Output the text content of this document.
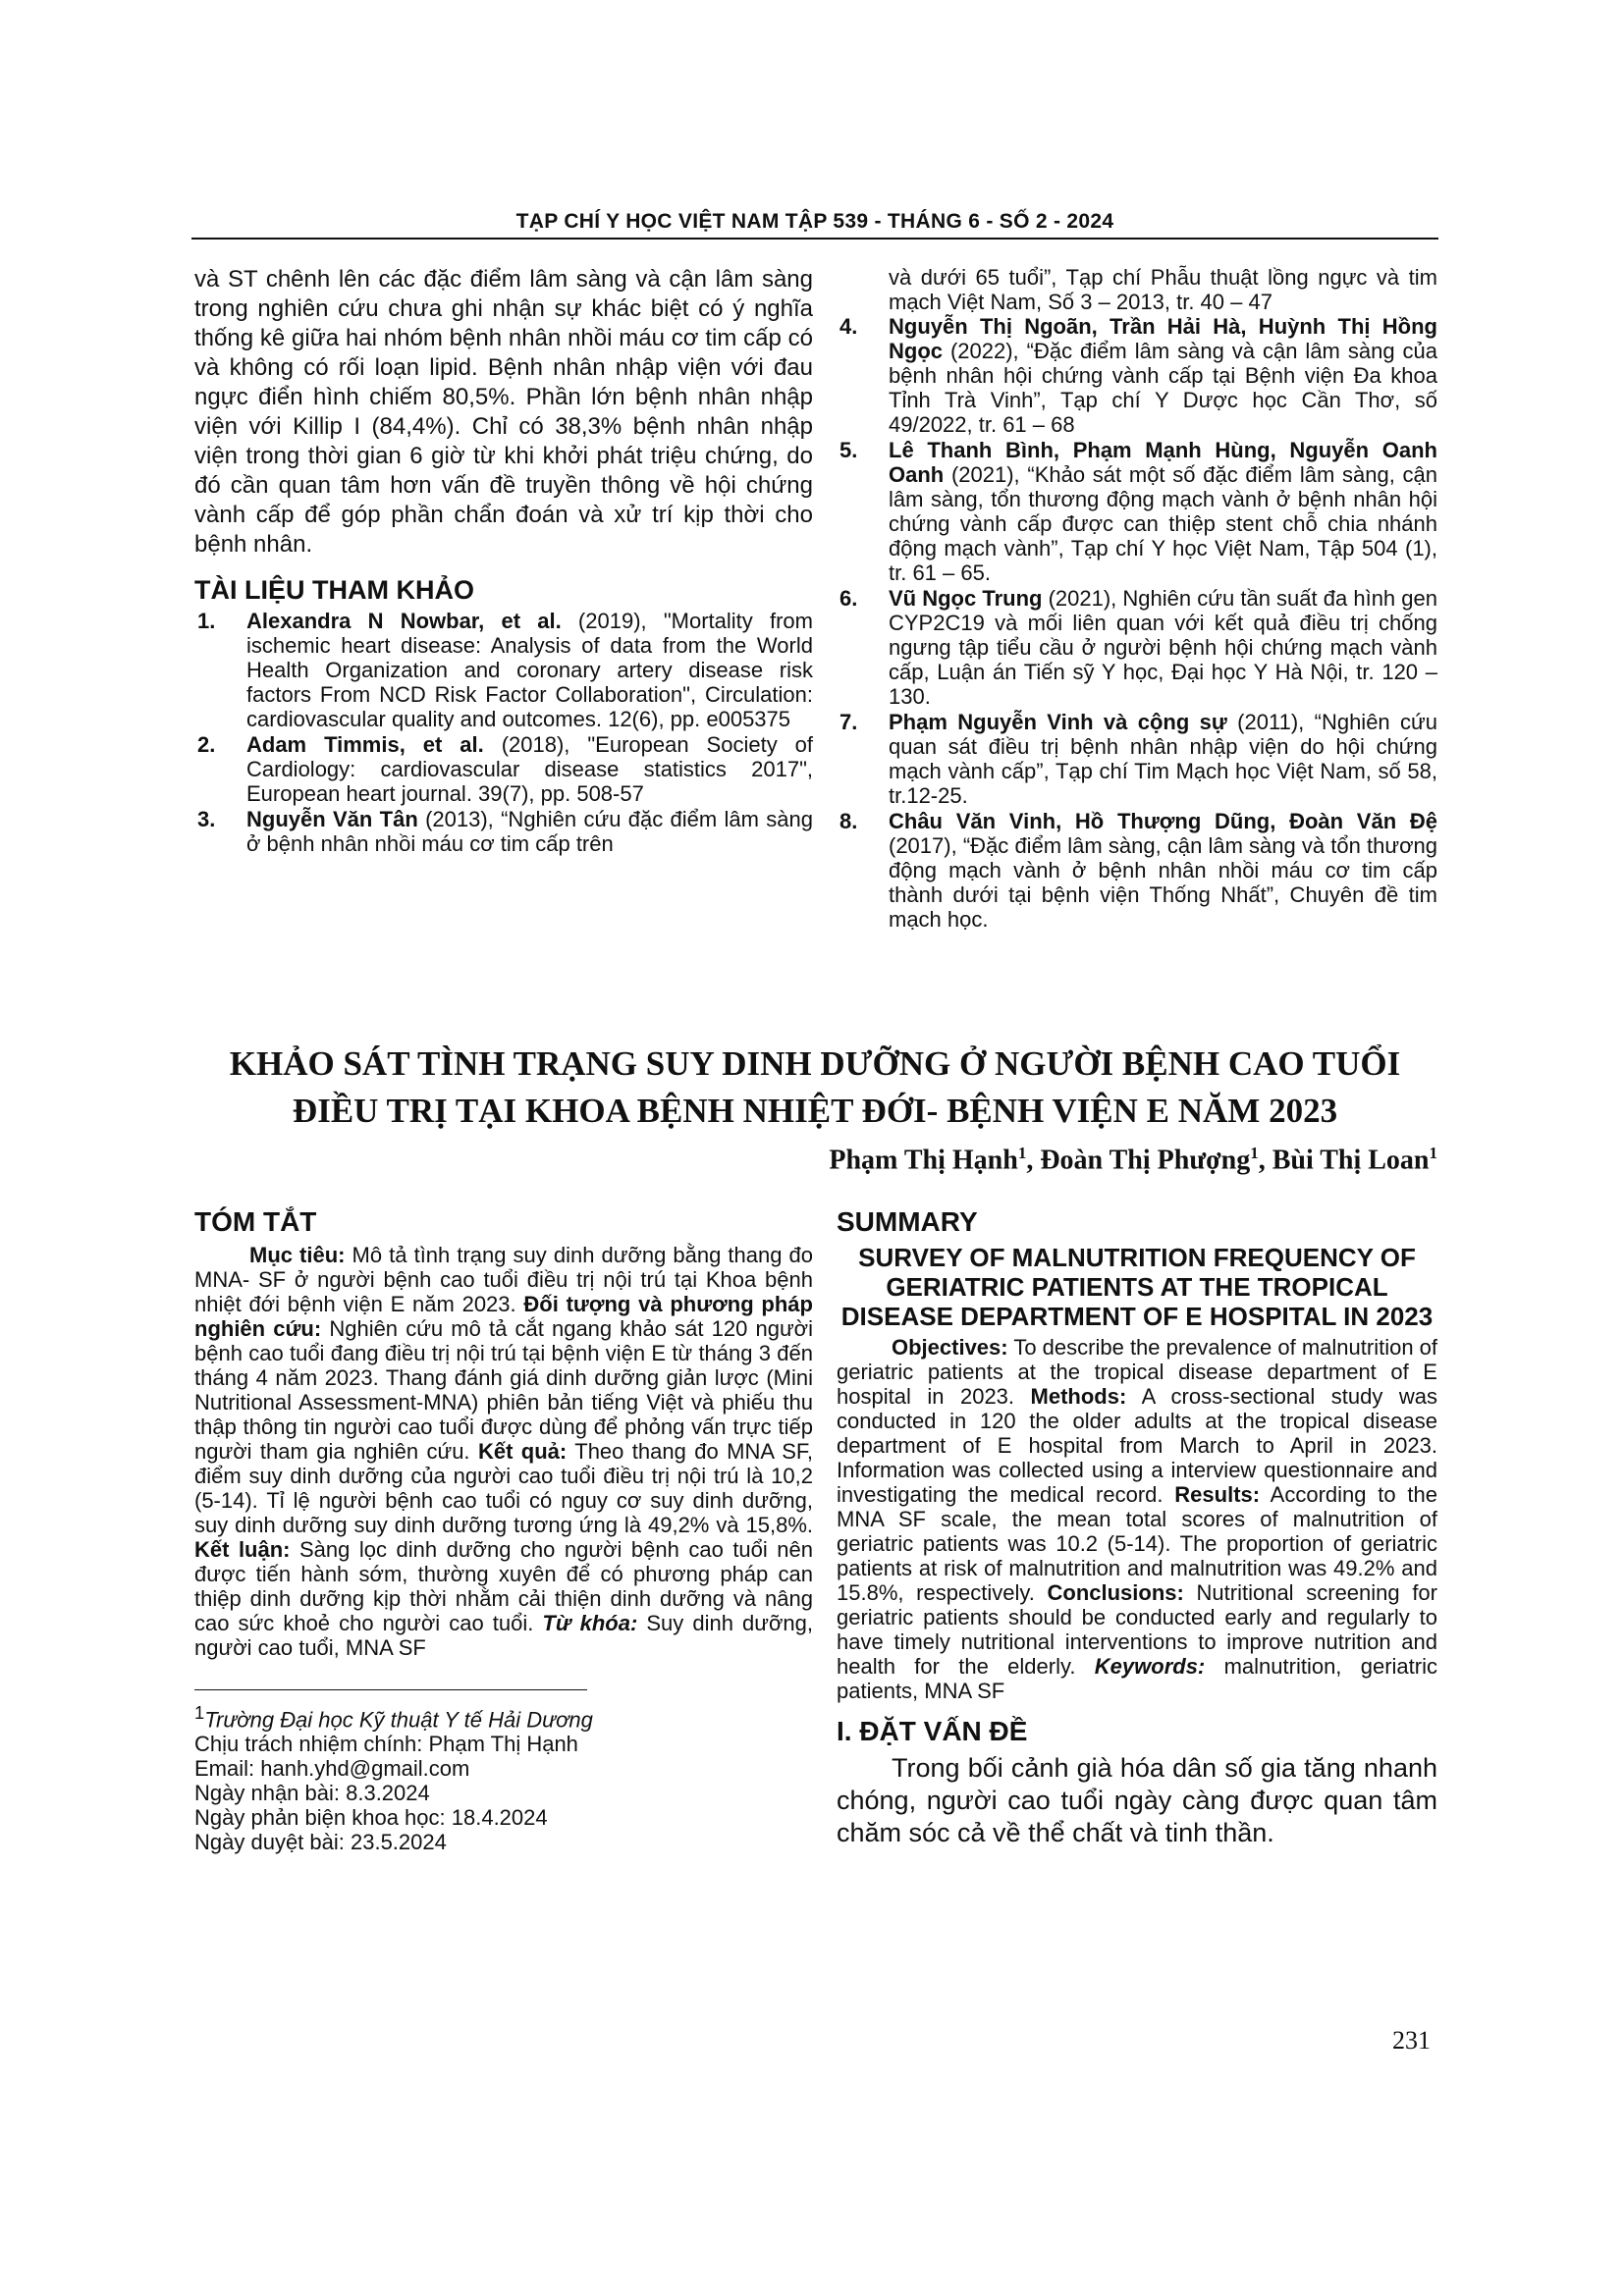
TẠP CHÍ Y HỌC VIỆT NAM TẬP 539 - THÁNG 6 - SỐ 2 - 2024

và ST chênh lên các đặc điểm lâm sàng và cận lâm sàng trong nghiên cứu chưa ghi nhận sự khác biệt có ý nghĩa thống kê giữa hai nhóm bệnh nhân nhồi máu cơ tim cấp có và không có rối loạn lipid. Bệnh nhân nhập viện với đau ngực điển hình chiếm 80,5%. Phần lớn bệnh nhân nhập viện với Killip I (84,4%). Chỉ có 38,3% bệnh nhân nhập viện trong thời gian 6 giờ từ khi khởi phát triệu chứng, do đó cần quan tâm hơn vấn đề truyền thông về hội chứng vành cấp để góp phần chẩn đoán và xử trí kịp thời cho bệnh nhân.

TÀI LIỆU THAM KHẢO
1.	Alexandra N Nowbar, et al. (2019), "Mortality from ischemic heart disease: Analysis of data from the World Health Organization and coronary artery disease risk factors From NCD Risk Factor Collaboration", Circulation: cardiovascular quality and outcomes. 12(6), pp. e005375
2.	Adam Timmis, et al. (2018), "European Society of Cardiology: cardiovascular disease statistics 2017", European heart journal. 39(7), pp. 508-57
3.	Nguyễn Văn Tân (2013), “Nghiên cứu đặc điểm lâm sàng ở bệnh nhân nhồi máu cơ tim cấp trên
và dưới 65 tuổi”, Tạp chí Phẫu thuật lồng ngực và tim mạch Việt Nam, Số 3 – 2013, tr. 40 – 47
4.	Nguyễn Thị Ngoãn, Trần Hải Hà, Huỳnh Thị Hồng Ngọc (2022), “Đặc điểm lâm sàng và cận lâm sàng của bệnh nhân hội chứng vành cấp tại Bệnh viện Đa khoa Tỉnh Trà Vinh”, Tạp chí Y Dược học Cần Thơ, số 49/2022, tr. 61 – 68
5.	Lê Thanh Bình, Phạm Mạnh Hùng, Nguyễn Oanh Oanh (2021), “Khảo sát một số đặc điểm lâm sàng, cận lâm sàng, tổn thương động mạch vành ở bệnh nhân hội chứng vành cấp được can thiệp stent chỗ chia nhánh động mạch vành”, Tạp chí Y học Việt Nam, Tập 504 (1), tr. 61 – 65.
6.	Vũ Ngọc Trung (2021), Nghiên cứu tần suất đa hình gen CYP2C19 và mối liên quan với kết quả điều trị chống ngưng tập tiểu cầu ở người bệnh hội chứng mạch vành cấp, Luận án Tiến sỹ Y học, Đại học Y Hà Nội, tr. 120 – 130.
7.	Phạm Nguyễn Vinh và cộng sự (2011), “Nghiên cứu quan sát điều trị bệnh nhân nhập viện do hội chứng mạch vành cấp”, Tạp chí Tim Mạch học Việt Nam, số 58, tr.12-25.
8.	Châu Văn Vinh, Hồ Thượng Dũng, Đoàn Văn Đệ (2017), “Đặc điểm lâm sàng, cận lâm sàng và tổn thương động mạch vành ở bệnh nhân nhồi máu cơ tim cấp thành dưới tại bệnh viện Thống Nhất”, Chuyên đề tim mạch học.
KHẢO SÁT TÌNH TRẠNG SUY DINH DƯỠNG Ở NGƯỜI BỆNH CAO TUỔI
ĐIỀU TRỊ TẠI KHOA BỆNH NHIỆT ĐỚI- BỆNH VIỆN E NĂM 2023
Phạm Thị Hạnh$^1$, Đoàn Thị Phượng$^1$, Bùi Thị Loan$^1$
TÓM TẮT

Mục tiêu: Mô tả tình trạng suy dinh dưỡng bằng thang đo MNA- SF ở người bệnh cao tuổi điều trị nội trú tại Khoa bệnh nhiệt đới bệnh viện E năm 2023. Đối tượng và phương pháp nghiên cứu: Nghiên cứu mô tả cắt ngang khảo sát 120 người bệnh cao tuổi đang điều trị nội trú tại bệnh viện E từ tháng 3 đến tháng 4 năm 2023. Thang đánh giá dinh dưỡng giản lược (Mini Nutritional Assessment-MNA) phiên bản tiếng Việt và phiếu thu thập thông tin người cao tuổi được dùng để phỏng vấn trực tiếp người tham gia nghiên cứu. Kết quả: Theo thang đo MNA SF, điểm suy dinh dưỡng của người cao tuổi điều trị nội trú là 10,2 (5-14). Tỉ lệ người bệnh cao tuổi có nguy cơ suy dinh dưỡng, suy dinh dưỡng suy dinh dưỡng tương ứng là 49,2% và 15,8%. Kết luận: Sàng lọc dinh dưỡng cho người bệnh cao tuổi nên được tiến hành sớm, thường xuyên để có phương pháp can thiệp dinh dưỡng kịp thời nhằm cải thiện dinh dưỡng và nâng cao sức khoẻ cho người cao tuổi. Từ khóa: Suy dinh dưỡng, người cao tuổi, MNA SF

$^1$Trường Đại học Kỹ thuật Y tế Hải Dương
Chịu trách nhiệm chính: Phạm Thị Hạnh
Email: hanh.yhd@gmail.com
Ngày nhận bài: 8.3.2024
Ngày phản biện khoa học: 18.4.2024
Ngày duyệt bài: 23.5.2024
SUMMARY
SURVEY OF MALNUTRITION FREQUENCY OF GERIATRIC PATIENTS AT THE TROPICAL DISEASE DEPARTMENT OF E HOSPITAL IN 2023

Objectives: To describe the prevalence of malnutrition of geriatric patients at the tropical disease department of E hospital in 2023. Methods: A cross-sectional study was conducted in 120 the older adults at the tropical disease department of E hospital from March to April in 2023. Information was collected using a interview questionnaire and investigating the medical record. Results: According to the MNA SF scale, the mean total scores of malnutrition of geriatric patients was 10.2 (5-14). The proportion of geriatric patients at risk of malnutrition and malnutrition was 49.2% and 15.8%, respectively. Conclusions: Nutritional screening for geriatric patients should be conducted early and regularly to have timely nutritional interventions to improve nutrition and health for the elderly. Keywords: malnutrition, geriatric patients, MNA SF

I. ĐẶT VẤN ĐỀ

Trong bối cảnh già hóa dân số gia tăng nhanh chóng, người cao tuổi ngày càng được quan tâm chăm sóc cả về thể chất và tinh thần.

231
